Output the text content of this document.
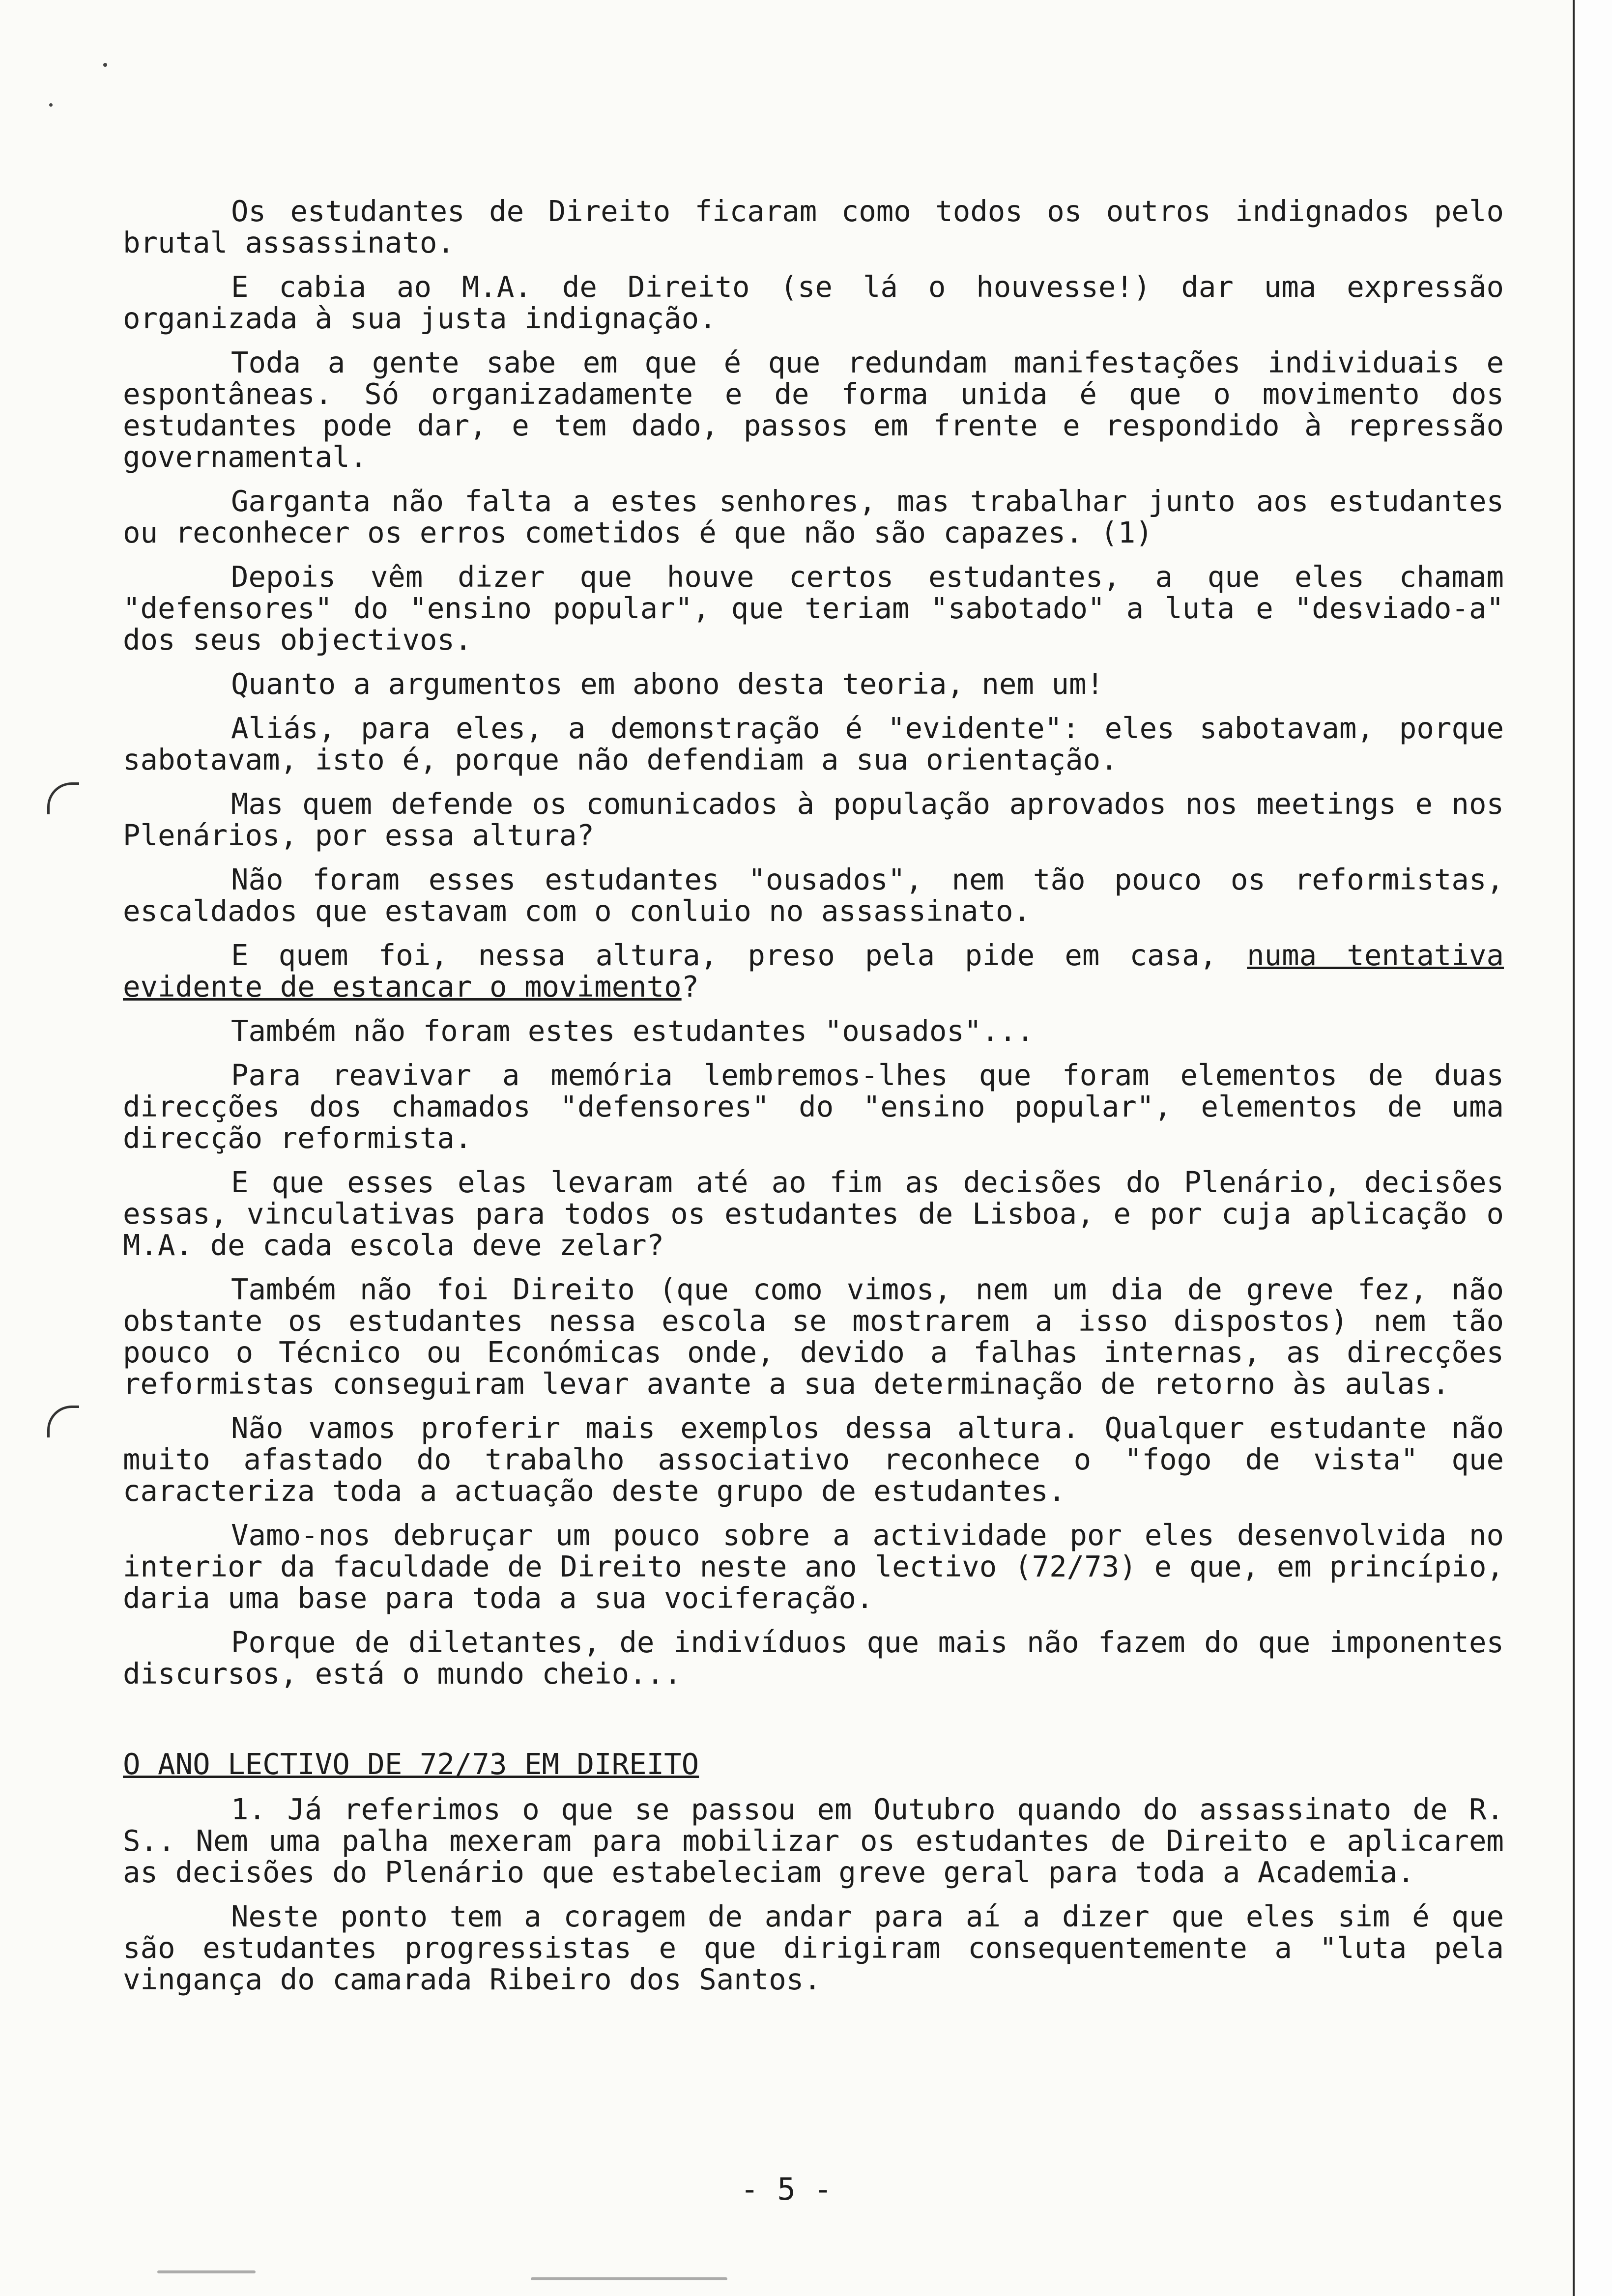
Os estudantes de Direito ficaram como todos os outros indignados pelo brutal assassinato.

E cabia ao M.A. de Direito (se lá o houvesse!) dar uma expressão organizada à sua justa indignação.

Toda a gente sabe em que é que redundam manifestações individuais e espontâneas. Só organizadamente e de forma unida é que o movimento dos estudantes pode dar, e tem dado, passos em frente e respondido à repressão governamental.

Garganta não falta a estes senhores, mas trabalhar junto aos estudantes ou reconhecer os erros cometidos é que não são capazes. (1)

Depois vêm dizer que houve certos estudantes, a que eles chamam "defensores" do "ensino popular", que teriam "sabotado" a luta e "desviado-a" dos seus objectivos.

Quanto a argumentos em abono desta teoria, nem um!

Aliás, para eles, a demonstração é "evidente": eles sabotavam, porque sabotavam, isto é, porque não defendiam a sua orientação.

Mas quem defende os comunicados à população aprovados nos meetings e nos Plenários, por essa altura?

Não foram esses estudantes "ousados", nem tão pouco os reformistas, escaldados que estavam com o conluio no assassinato.

E quem foi, nessa altura, preso pela pide em casa, numa tentativa evidente de estancar o movimento?

Também não foram estes estudantes "ousados"...

Para reavivar a memória lembremos-lhes que foram elementos de duas direcções dos chamados "defensores" do "ensino popular", elementos de uma direcção reformista.

E que esses elas levaram até ao fim as decisões do Plenário, decisões essas, vinculativas para todos os estudantes de Lisboa, e por cuja aplicação o M.A. de cada escola deve zelar?

Também não foi Direito (que como vimos, nem um dia de greve fez, não obstante os estudantes nessa escola se mostrarem a isso dispostos) nem tão pouco o Técnico ou Económicas onde, devido a falhas internas, as direcções reformistas conseguiram levar avante a sua determinação de retorno às aulas.

Não vamos proferir mais exemplos dessa altura. Qualquer estudante não muito afastado do trabalho associativo reconhece o "fogo de vista" que caracteriza toda a actuação deste grupo de estudantes.

Vamo-nos debruçar um pouco sobre a actividade por eles desenvolvida no interior da faculdade de Direito neste ano lectivo (72/73) e que, em princípio, daria uma base para toda a sua vociferação.

Porque de diletantes, de indivíduos que mais não fazem do que imponentes discursos, está o mundo cheio...

O ANO LECTIVO DE 72/73 EM DIREITO

1. Já referimos o que se passou em Outubro quando do assassinato de R. S.. Nem uma palha mexeram para mobilizar os estudantes de Direito e aplicarem as decisões do Plenário que estabeleciam greve geral para toda a Academia.

Neste ponto tem a coragem de andar para aí a dizer que eles sim é que são estudantes progressistas e que dirigiram consequentemente a "luta pela vingança do camarada Ribeiro dos Santos.

- 5 -
